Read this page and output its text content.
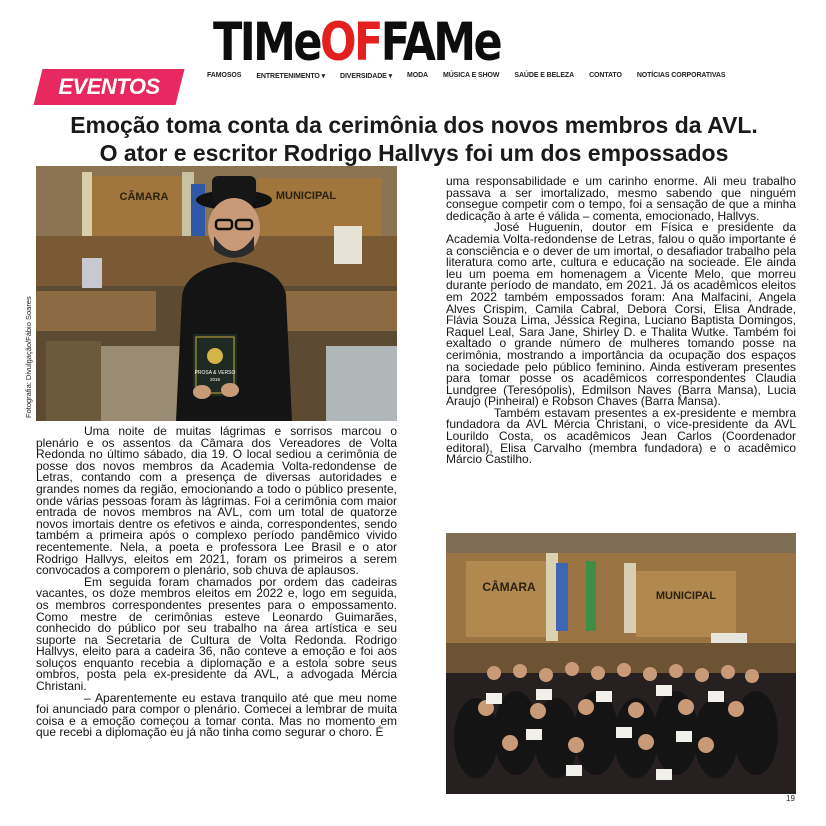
TIMeOFFAMe
EVENTOS	FAMOSOS ENTRETENIMENTO ▾ DIVERSIDADE ▾ MODA MÚSICA E SHOW SAÚDE E BELEZA CONTATO NOTÍCIAS CORPORATIVAS
Emoção toma conta da cerimônia dos novos membros da AVL.
O ator e escritor Rodrigo Hallvys foi um dos empossados
Fotografia: Divulgação/Fábio Soares	PROSA & VERSO
2015
CÂMARA	MUNICIPAL

Uma noite de muitas lágrimas e sorrisos marcou o plenário e os assentos da Câmara dos Vereadores de Volta Redonda no último sábado, dia 19. O local sediou a cerimônia de posse dos novos membros da Academia Volta-redondense de Letras, contando com a presença de diversas autoridades e grandes nomes da região, emocionando a todo o público presente, onde várias pessoas foram às lágrimas. Foi a cerimônia com maior entrada de novos membros na AVL, com um total de quatorze novos imortais dentre os efetivos e ainda, correspondentes, sendo também a primeira após o complexo período pandêmico vivido recentemente. Nela, a poeta e professora Lee Brasil e o ator Rodrigo Hallvys, eleitos em 2021, foram os primeiros a serem convocados a comporem o plenário, sob chuva de aplausos.

Em seguida foram chamados por ordem das cadeiras vacantes, os doze membros eleitos em 2022 e, logo em seguida, os membros correspondentes presentes para o empossamento. Como mestre de cerimônias esteve Leonardo Guimarães, conhecido do público por seu trabalho na área artística e seu suporte na Secretaria de Cultura de Volta Redonda. Rodrigo Hallvys, eleito para a cadeira 36, não conteve a emoção e foi aos soluços enquanto recebia a diplomação e a estola sobre seus ombros, posta pela ex-presidente da AVL, a advogada Mércia Christani.

– Aparentemente eu estava tranquilo até que meu nome foi anunciado para compor o plenário. Comecei a lembrar de muita coisa e a emoção começou a tomar conta. Mas no momento em que recebi a diplomação eu já não tinha como segurar o choro. É

uma responsabilidade e um carinho enorme. Ali meu trabalho passava a ser imortalizado, mesmo sabendo que ninguém consegue competir com o tempo, foi a sensação de que a minha dedicação à arte é válida – comenta, emocionado, Hallvys.

José Huguenin, doutor em Física e presidente da Academia Volta-redondense de Letras, falou o quão importante é a consciência e o dever de um imortal, o desafiador trabalho pela literatura como arte, cultura e educação na socieade. Ele ainda leu um poema em homenagem a Vicente Melo, que morreu durante período de mandato, em 2021. Já os acadêmicos eleitos em 2022 também empossados foram: Ana Malfacini, Angela Alves Crispim, Camila Cabral, Debora Corsi, Elisa Andrade, Flávia Souza Lima, Jéssica Regina, Luciano Baptista Domingos, Raquel Leal, Sara Jane, Shirley D. e Thalita Wutke. Também foi exaltado o grande número de mulheres tomando posse na cerimônia, mostrando a importância da ocupação dos espaços na sociedade pelo público feminino. Ainda estiveram presentes para tomar posse os acadêmicos correspondentes Claudia Lundgree (Teresópolis), Edmilson Naves (Barra Mansa), Lucia Araujo (Pinheiral) e Robson Chaves (Barra Mansa).

Também estavam presentes a ex-presidente e membra fundadora da AVL Mércia Christani, o vice-presidente da AVL Lourildo Costa, os acadêmicos Jean Carlos (Coordenador editoral), Elisa Carvalho (membra fundadora) e o acadêmico Márcio Castilho.

CÂMARA
MUNICIPAL
19
